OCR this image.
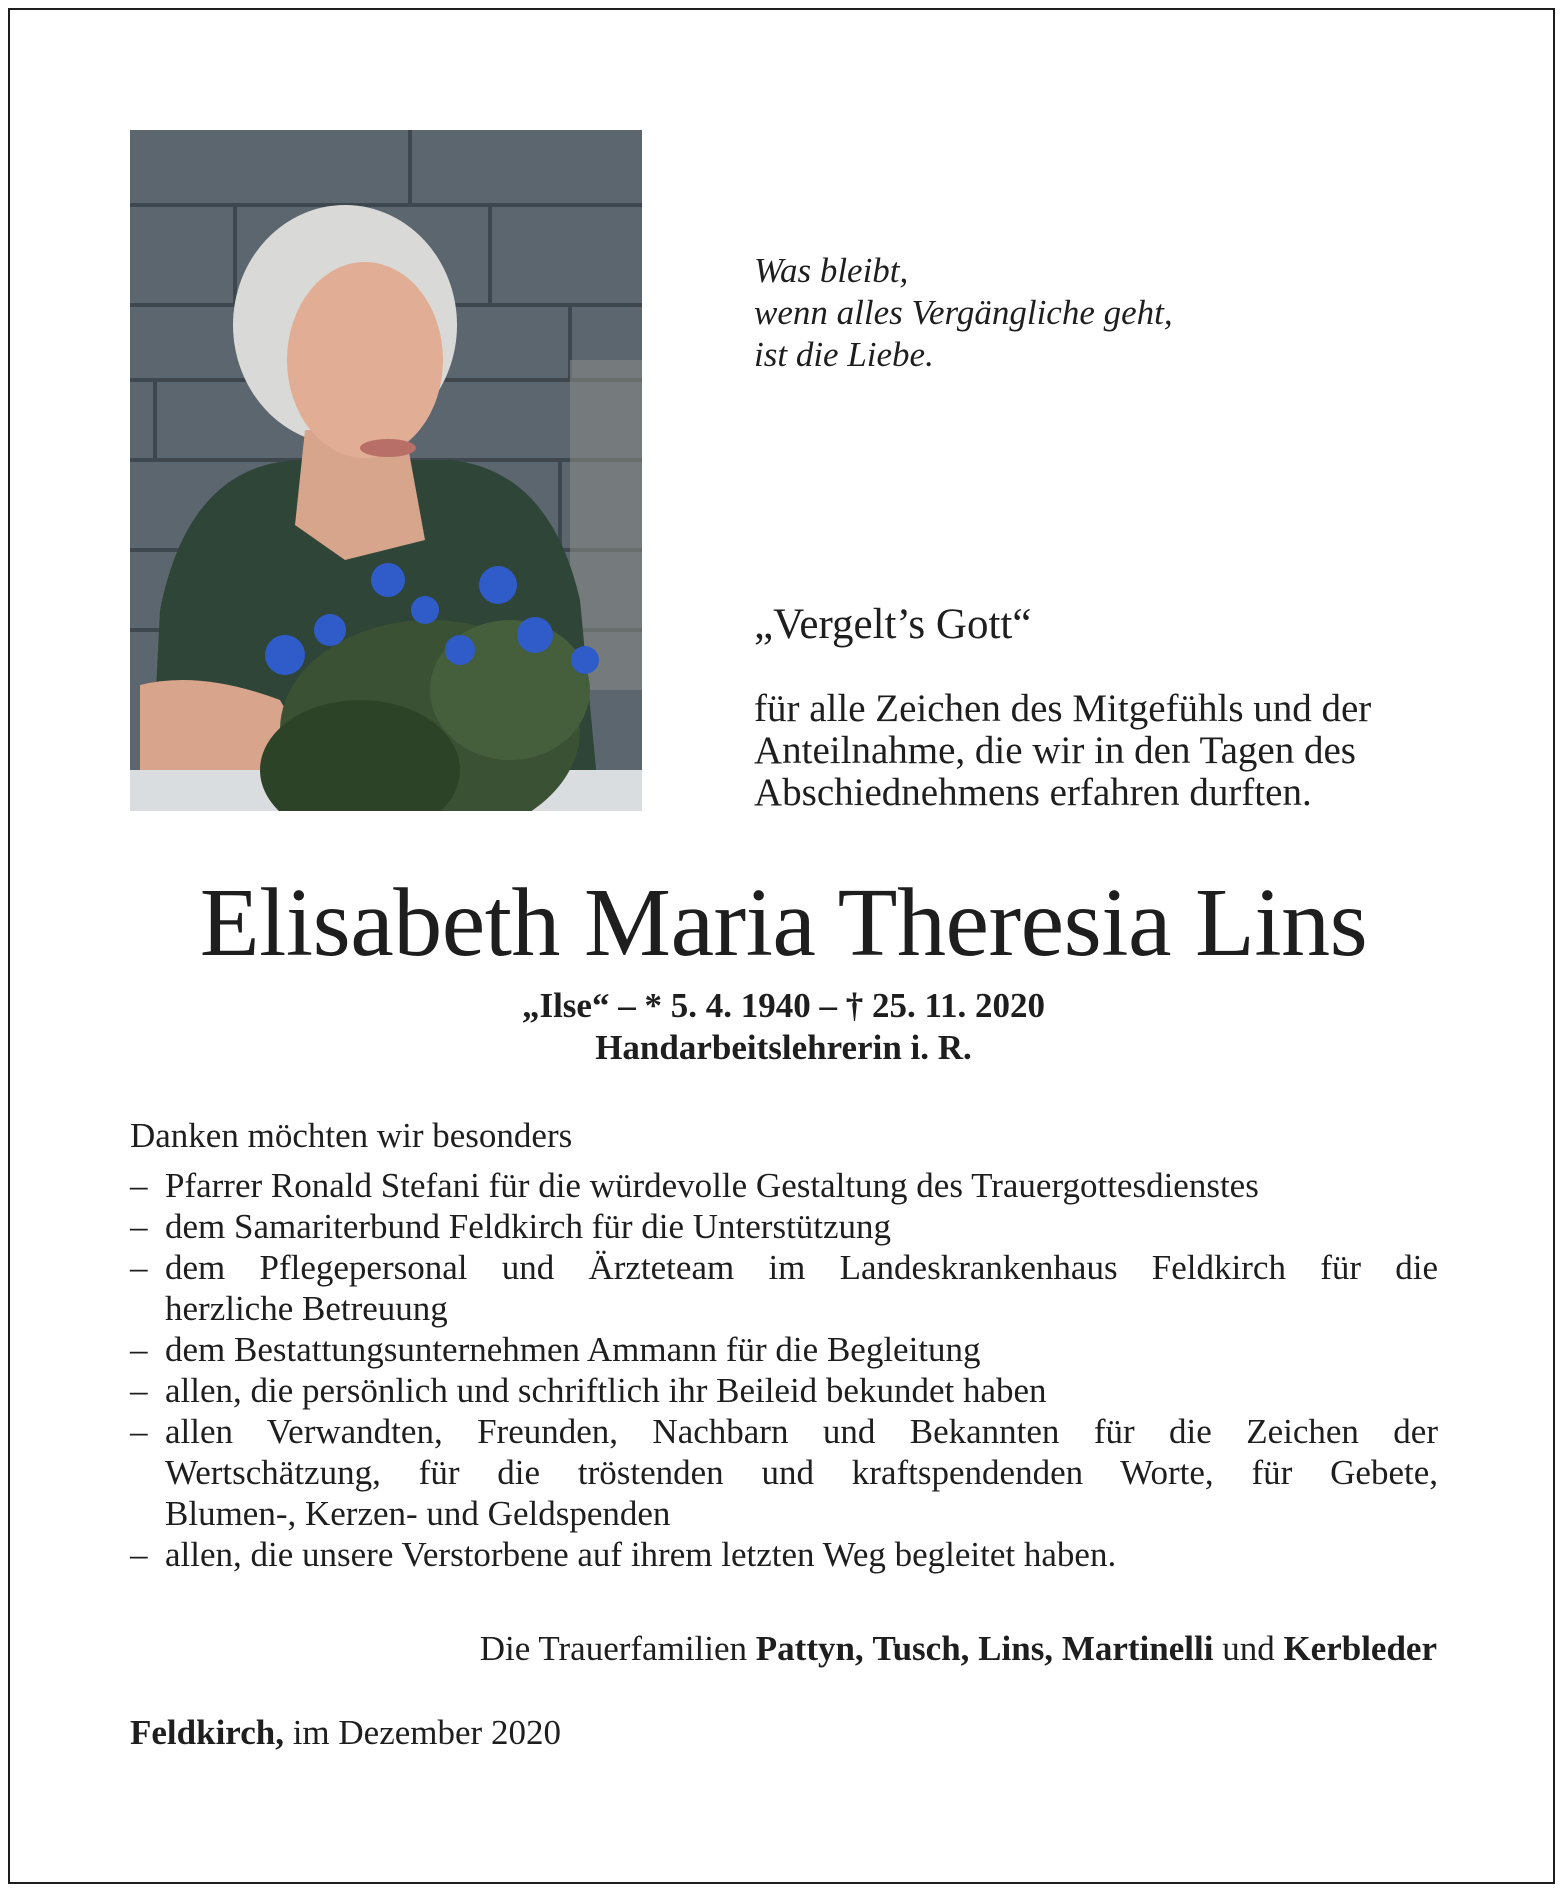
Was bleibt,
wenn alles Vergängliche geht,
ist die Liebe.

„Vergelt’s Gott“

für alle Zeichen des Mitgefühls und der
Anteilnahme, die wir in den Tagen des
Abschiednehmens erfahren durften.

Elisabeth Maria Theresia Lins

„Ilse“ – * 5. 4. 1940 – † 25. 11. 2020
Handarbeitslehrerin i. R.

Danken möchten wir besonders

– Pfarrer Ronald Stefani für die würdevolle Gestaltung des Trauergottesdienstes
– dem Samariterbund Feldkirch für die Unterstützung
– dem Pflegepersonal und Ärzteteam im Landeskrankenhaus Feldkirch für die
herzliche Betreuung
– dem Bestattungsunternehmen Ammann für die Begleitung
– allen, die persönlich und schriftlich ihr Beileid bekundet haben
– allen Verwandten, Freunden, Nachbarn und Bekannten für die Zeichen der
Wertschätzung, für die tröstenden und kraftspendenden Worte, für Gebete,
Blumen-, Kerzen- und Geldspenden
– allen, die unsere Verstorbene auf ihrem letzten Weg begleitet haben.

Die Trauerfamilien Pattyn, Tusch, Lins, Martinelli und Kerbleder

Feldkirch, im Dezember 2020
